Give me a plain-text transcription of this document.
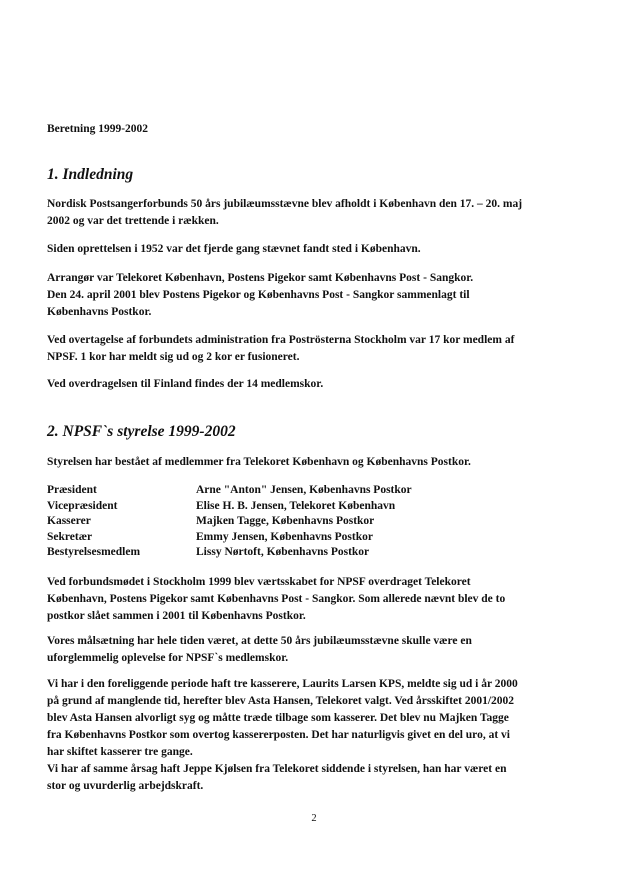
Beretning 1999-2002

1. Indledning
Nordisk Postsangerforbunds 50 års jubilæumsstævne blev afholdt i København den 17. – 20. maj
2002 og var det trettende i rækken.
Siden oprettelsen i 1952 var det fjerde gang stævnet fandt sted i København.
Arrangør var Telekoret København, Postens Pigekor samt Københavns Post - Sangkor.
Den 24. april 2001 blev Postens Pigekor og Københavns Post - Sangkor sammenlagt til
Københavns Postkor.
Ved overtagelse af forbundets administration fra Poströsterna Stockholm var 17 kor medlem af
NPSF. 1 kor har meldt sig ud og 2 kor er fusioneret.
Ved overdragelsen til Finland findes der 14 medlemskor.
2. NPSF`s styrelse 1999-2002
Styrelsen har bestået af medlemmer fra Telekoret København og Københavns Postkor.
Præsident	Arne "Anton" Jensen, Københavns Postkor
Vicepræsident	Elise H. B. Jensen, Telekoret København
Kasserer	Majken Tagge, Københavns Postkor
Sekretær	Emmy Jensen, Københavns Postkor
Bestyrelsesmedlem	Lissy Nørtoft, Københavns Postkor
Ved forbundsmødet i Stockholm 1999 blev værtsskabet for NPSF overdraget Telekoret
København, Postens Pigekor samt Københavns Post - Sangkor. Som allerede nævnt blev de to
postkor slået sammen i 2001 til Københavns Postkor.
Vores målsætning har hele tiden været, at dette 50 års jubilæumsstævne skulle være en
uforglemmelig oplevelse for NPSF`s medlemskor.
Vi har i den foreliggende periode haft tre kasserere, Laurits Larsen KPS, meldte sig ud i år 2000
på grund af manglende tid, herefter blev Asta Hansen, Telekoret valgt. Ved årsskiftet 2001/2002
blev Asta Hansen alvorligt syg og måtte træde tilbage som kasserer. Det blev nu Majken Tagge
fra Københavns Postkor som overtog kassererposten. Det har naturligvis givet en del uro, at vi
har skiftet kasserer tre gange.
Vi har af samme årsag haft Jeppe Kjølsen fra Telekoret siddende i styrelsen, han har været en
stor og uvurderlig arbejdskraft.
2
